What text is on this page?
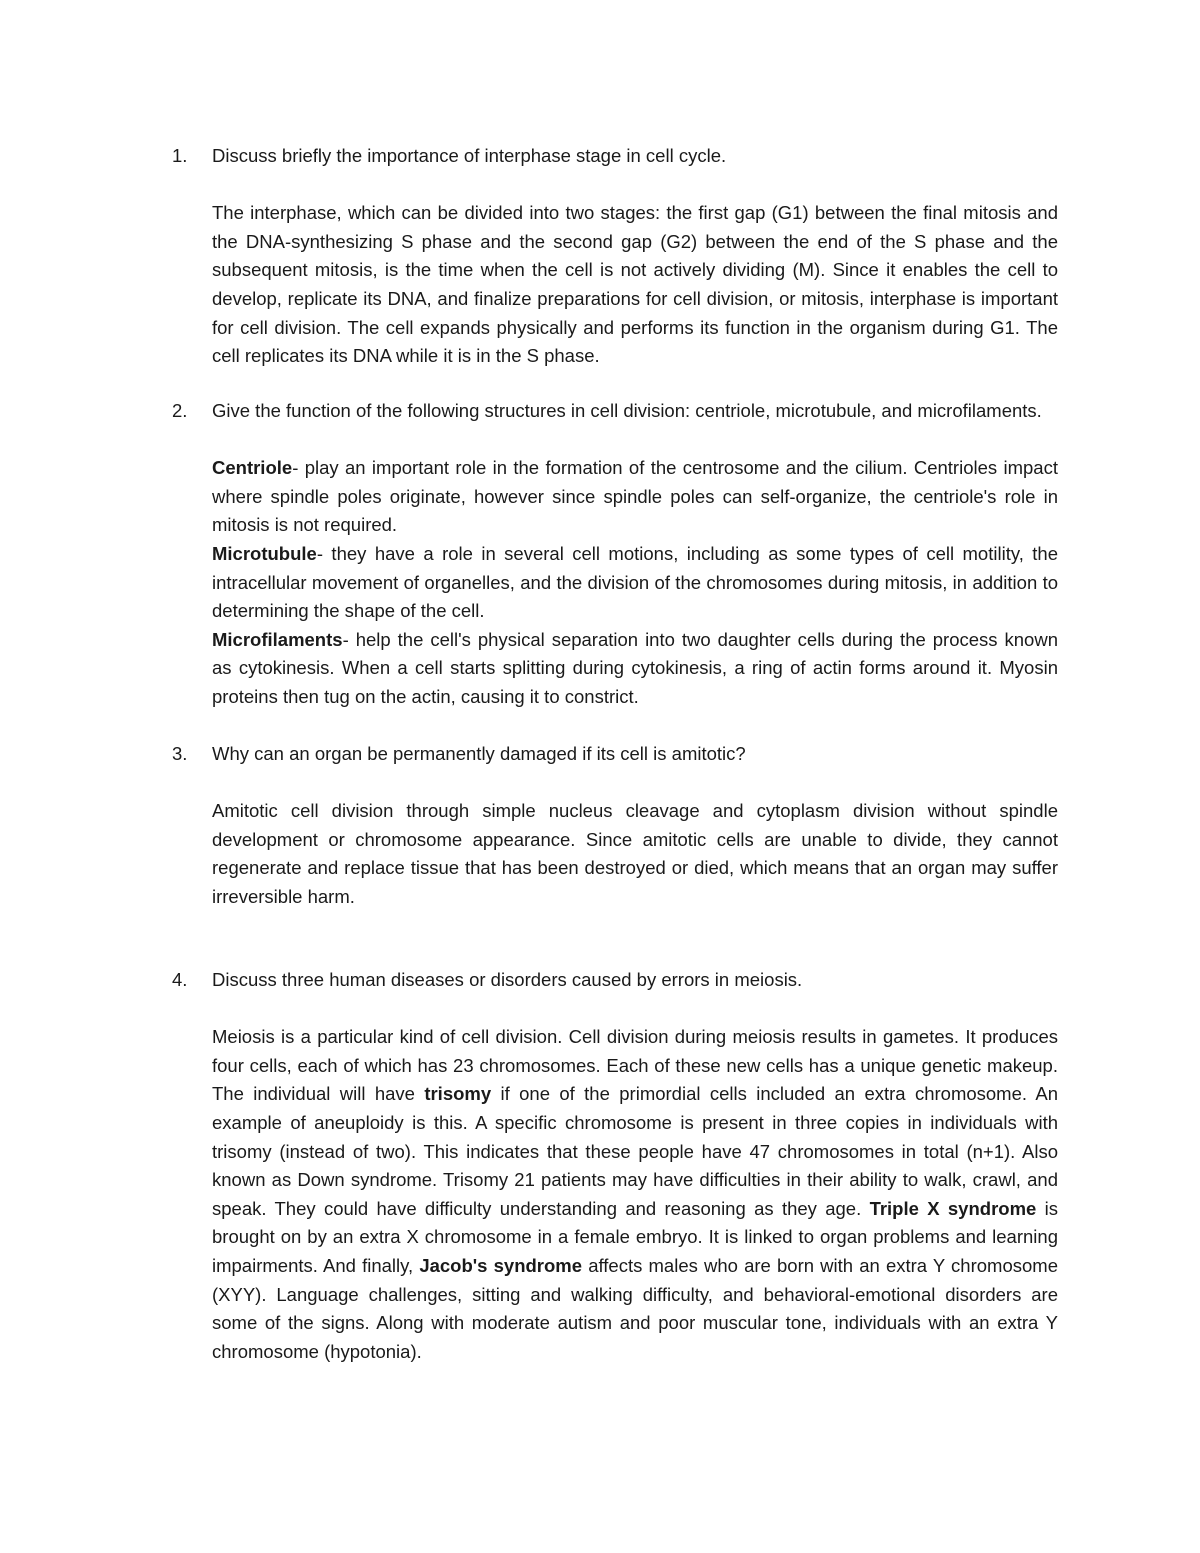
1.	Discuss briefly the importance of interphase stage in cell cycle.
The interphase, which can be divided into two stages: the first gap (G1) between the final mitosis and the DNA-synthesizing S phase and the second gap (G2) between the end of the S phase and the subsequent mitosis, is the time when the cell is not actively dividing (M). Since it enables the cell to develop, replicate its DNA, and finalize preparations for cell division, or mitosis, interphase is important for cell division. The cell expands physically and performs its function in the organism during G1. The cell replicates its DNA while it is in the S phase.
2.	Give the function of the following structures in cell division: centriole, microtubule, and microfilaments.

Centriole- play an important role in the formation of the centrosome and the cilium. Centrioles impact where spindle poles originate, however since spindle poles can self-organize, the centriole's role in mitosis is not required.

Microtubule- they have a role in several cell motions, including as some types of cell motility, the intracellular movement of organelles, and the division of the chromosomes during mitosis, in addition to determining the shape of the cell.

Microfilaments- help the cell's physical separation into two daughter cells during the process known as cytokinesis. When a cell starts splitting during cytokinesis, a ring of actin forms around it. Myosin proteins then tug on the actin, causing it to constrict.

3.	Why can an organ be permanently damaged if its cell is amitotic?
Amitotic cell division through simple nucleus cleavage and cytoplasm division without spindle development or chromosome appearance. Since amitotic cells are unable to divide, they cannot regenerate and replace tissue that has been destroyed or died, which means that an organ may suffer irreversible harm.
4.	Discuss three human diseases or disorders caused by errors in meiosis.
Meiosis is a particular kind of cell division. Cell division during meiosis results in gametes. It produces four cells, each of which has 23 chromosomes. Each of these new cells has a unique genetic makeup. The individual will have trisomy if one of the primordial cells included an extra chromosome. An example of aneuploidy is this. A specific chromosome is present in three copies in individuals with trisomy (instead of two). This indicates that these people have 47 chromosomes in total (n+1). Also known as Down syndrome. Trisomy 21 patients may have difficulties in their ability to walk, crawl, and speak. They could have difficulty understanding and reasoning as they age. Triple X syndrome is brought on by an extra X chromosome in a female embryo. It is linked to organ problems and learning impairments. And finally, Jacob's syndrome affects males who are born with an extra Y chromosome (XYY). Language challenges, sitting and walking difficulty, and behavioral-emotional disorders are some of the signs. Along with moderate autism and poor muscular tone, individuals with an extra Y chromosome (hypotonia).
